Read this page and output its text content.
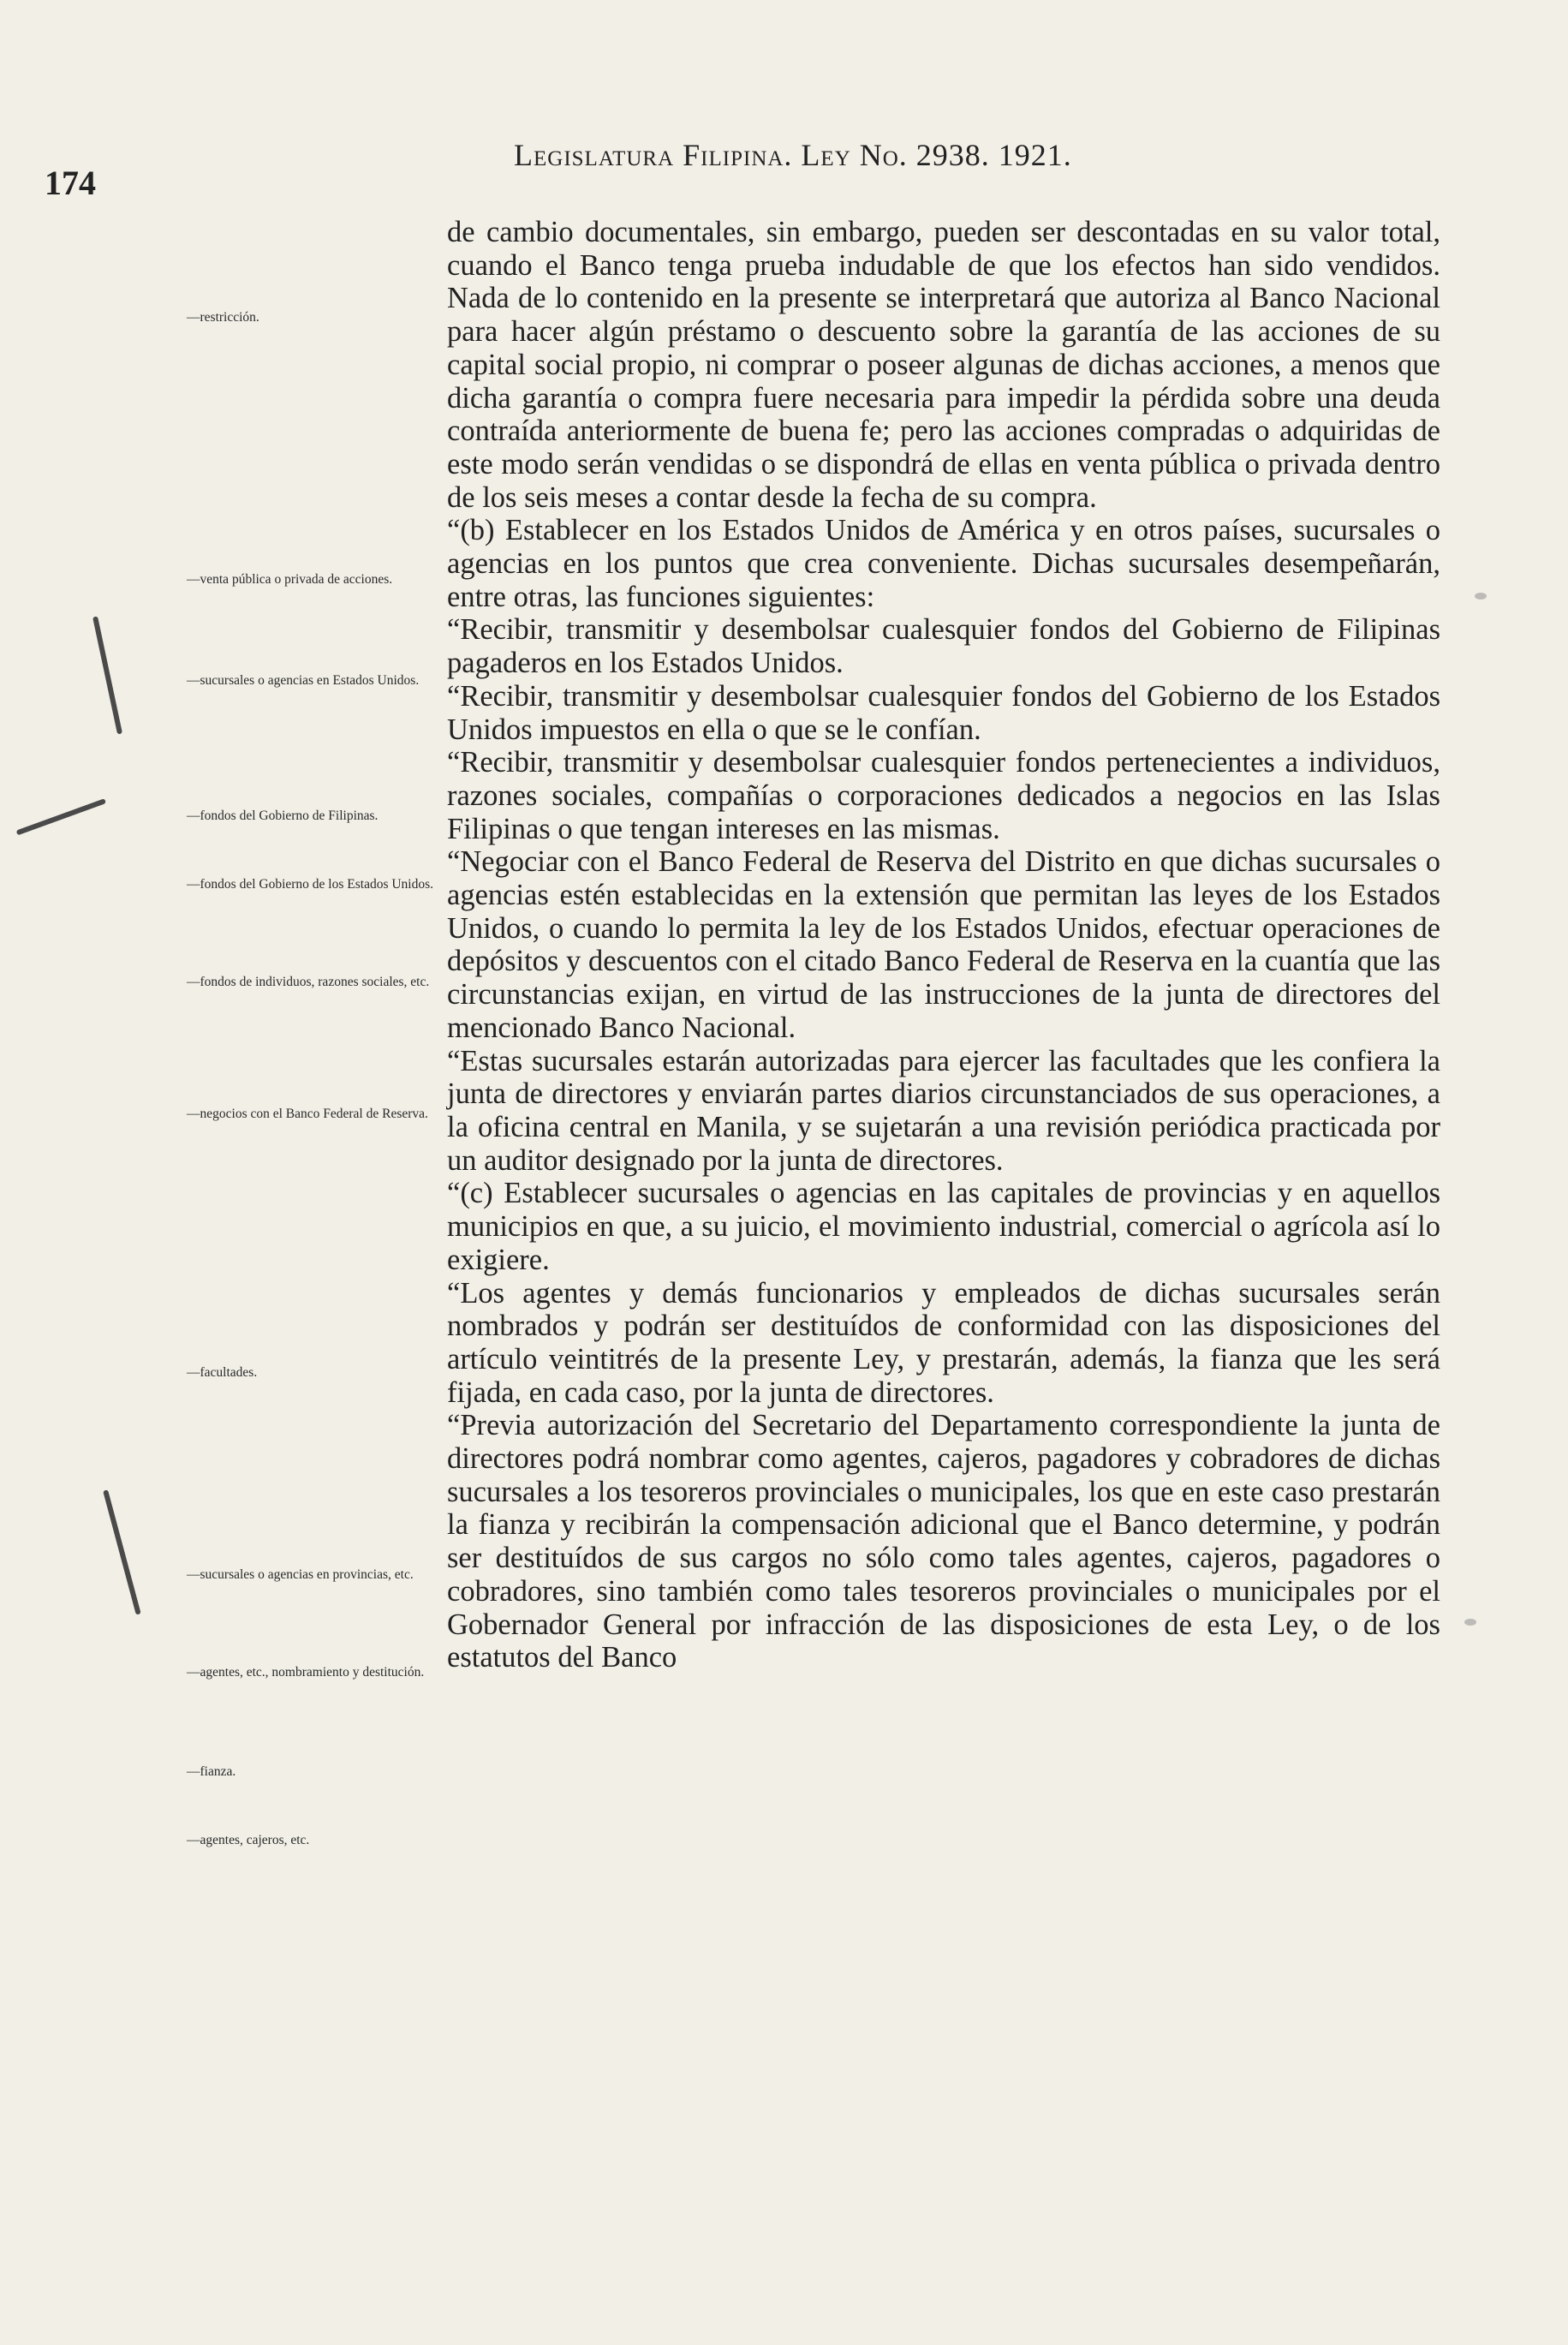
174
Legislatura Filipina. Ley No. 2938. 1921.
—restricción.
—venta pública o privada de acciones.
—sucursales o agencias en Estados Unidos.
—fondos del Gobierno de Filipinas.
—fondos del Gobierno de los Estados Unidos.
—fondos de individuos, razones sociales, etc.
—negocios con el Banco Federal de Reserva.
—facultades.
—sucursales o agencias en provincias, etc.
—agentes, etc., nombramiento y destitución.
—fianza.
—agentes, cajeros, etc.
de cambio documentales, sin embargo, pueden ser descontadas en su valor total, cuando el Banco tenga prueba indudable de que los efectos han sido vendidos. Nada de lo contenido en la presente se interpretará que autoriza al Banco Nacional para hacer algún préstamo o descuento sobre la garantía de las acciones de su capital social propio, ni comprar o poseer algunas de dichas acciones, a menos que dicha garantía o compra fuere necesaria para impedir la pérdida sobre una deuda contraída anteriormente de buena fe; pero las acciones compradas o adquiridas de este modo serán vendidas o se dispondrá de ellas en venta pública o privada dentro de los seis meses a contar desde la fecha de su compra.
“(b) Establecer en los Estados Unidos de América y en otros países, sucursales o agencias en los puntos que crea conveniente. Dichas sucursales desempeñarán, entre otras, las funciones siguientes:
“Recibir, transmitir y desembolsar cualesquier fondos del Gobierno de Filipinas pagaderos en los Estados Unidos.
“Recibir, transmitir y desembolsar cualesquier fondos del Gobierno de los Estados Unidos impuestos en ella o que se le confían.
“Recibir, transmitir y desembolsar cualesquier fondos pertenecientes a individuos, razones sociales, compañías o corporaciones dedicados a negocios en las Islas Filipinas o que tengan intereses en las mismas.
“Negociar con el Banco Federal de Reserva del Distrito en que dichas sucursales o agencias estén establecidas en la extensión que permitan las leyes de los Estados Unidos, o cuando lo permita la ley de los Estados Unidos, efectuar operaciones de depósitos y descuentos con el citado Banco Federal de Reserva en la cuantía que las circunstancias exijan, en virtud de las instrucciones de la junta de directores del mencionado Banco Nacional.
“Estas sucursales estarán autorizadas para ejercer las facultades que les confiera la junta de directores y enviarán partes diarios circunstanciados de sus operaciones, a la oficina central en Manila, y se sujetarán a una revisión periódica practicada por un auditor designado por la junta de directores.
“(c) Establecer sucursales o agencias en las capitales de provincias y en aquellos municipios en que, a su juicio, el movimiento industrial, comercial o agrícola así lo exigiere.
“Los agentes y demás funcionarios y empleados de dichas sucursales serán nombrados y podrán ser destituídos de conformidad con las disposiciones del artículo veintitrés de la presente Ley, y prestarán, además, la fianza que les será fijada, en cada caso, por la junta de directores.
“Previa autorización del Secretario del Departamento correspondiente la junta de directores podrá nombrar como agentes, cajeros, pagadores y cobradores de dichas sucursales a los tesoreros provinciales o municipales, los que en este caso prestarán la fianza y recibirán la compensación adicional que el Banco determine, y podrán ser destituídos de sus cargos no sólo como tales agentes, cajeros, pagadores o cobradores, sino también como tales tesoreros provinciales o municipales por el Gobernador General por infracción de las disposiciones de esta Ley, o de los estatutos del Banco
